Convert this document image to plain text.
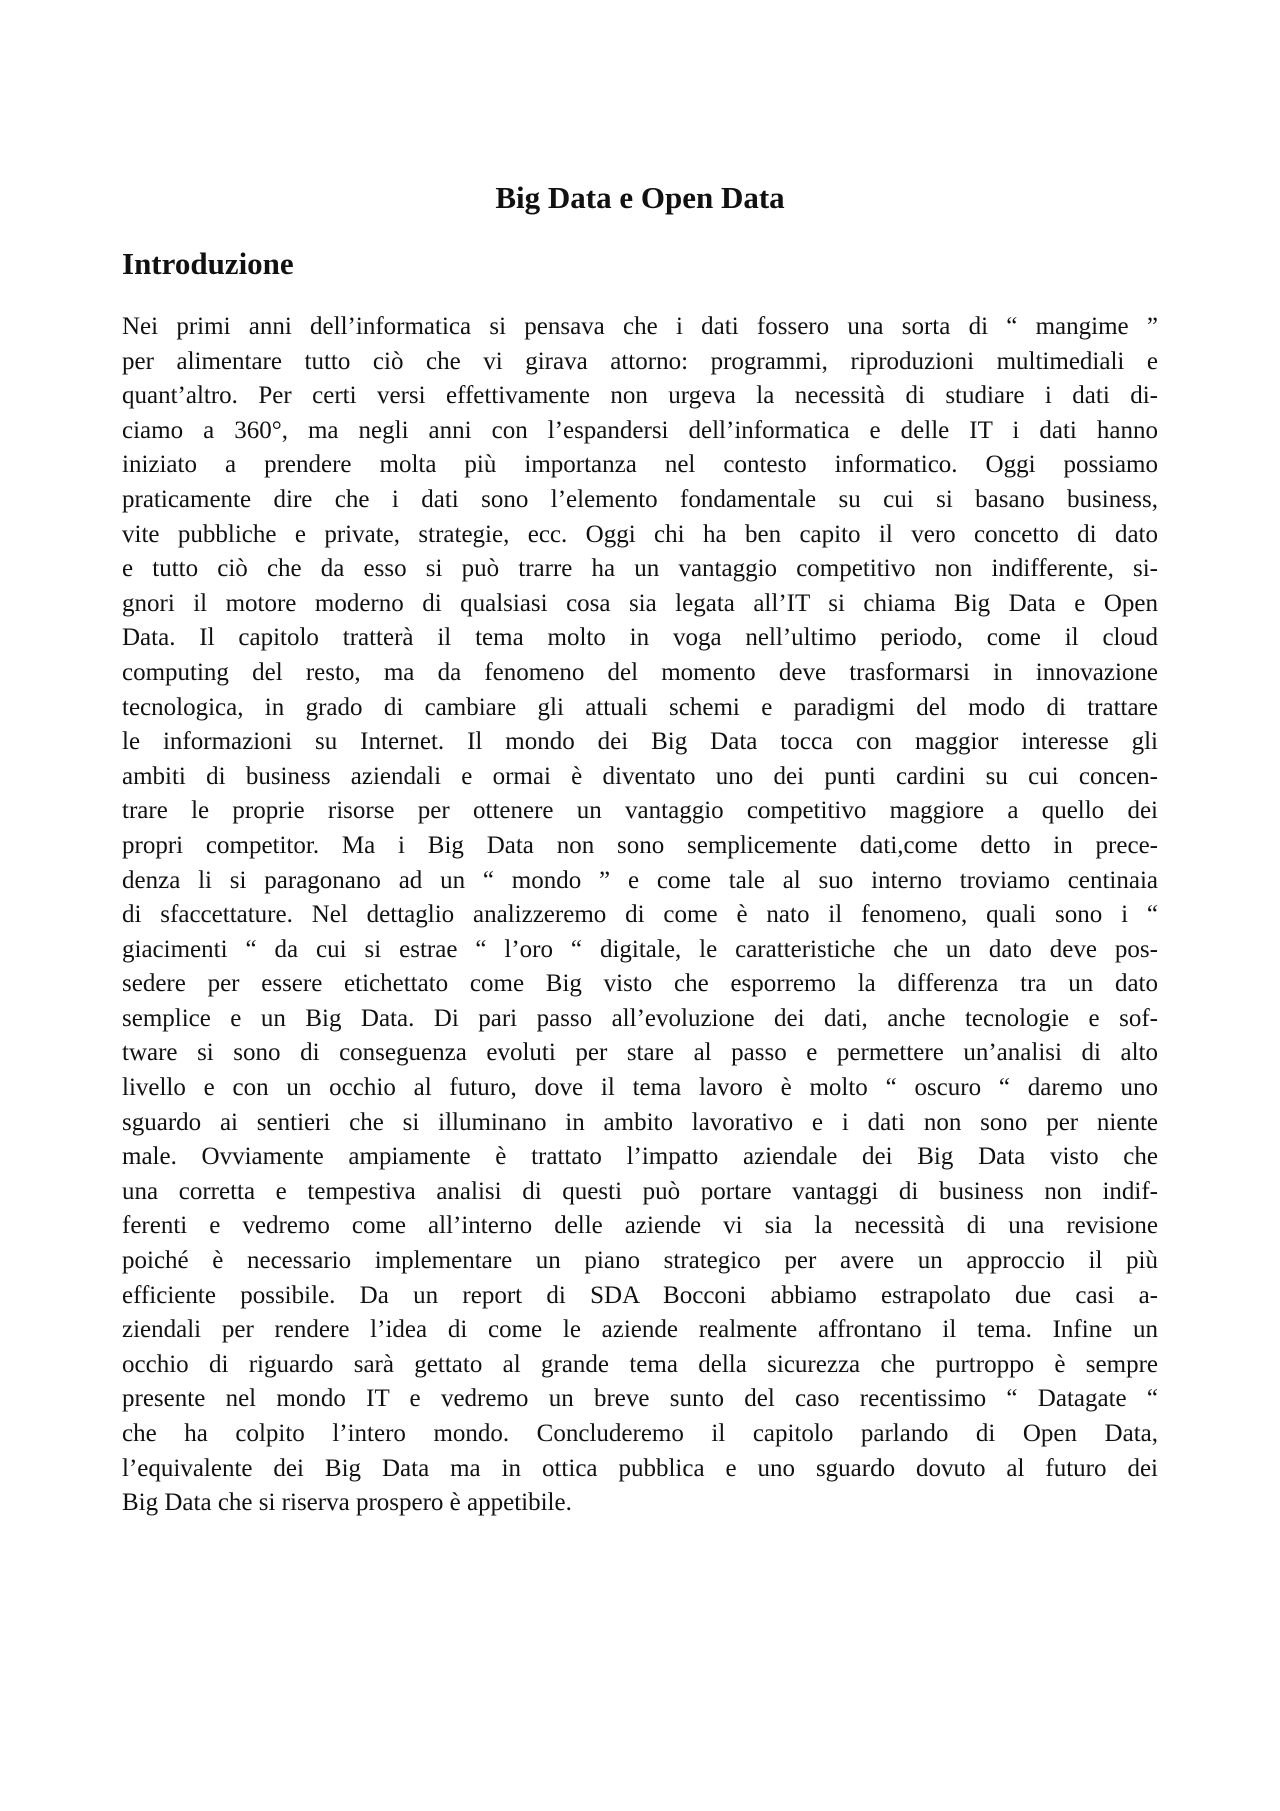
Big Data e Open Data
Introduzione
Nei primi anni dell’informatica si pensava che i dati fossero una sorta di “ mangime ”
per alimentare tutto ciò che vi girava attorno: programmi, riproduzioni multimediali e
quant’altro. Per certi versi effettivamente non urgeva la necessità di studiare i dati di-
ciamo a 360°, ma negli anni con l’espandersi dell’informatica e delle IT i dati hanno
iniziato a prendere molta più importanza nel contesto informatico. Oggi possiamo
praticamente dire che i dati sono l’elemento fondamentale su cui si basano business,
vite pubbliche e private, strategie, ecc. Oggi chi ha ben capito il vero concetto di dato
e tutto ciò che da esso si può trarre ha un vantaggio competitivo non indifferente, si-
gnori il motore moderno di qualsiasi cosa sia legata all’IT si chiama Big Data e Open
Data. Il capitolo tratterà il tema molto in voga nell’ultimo periodo, come il cloud
computing del resto, ma da fenomeno del momento deve trasformarsi in innovazione
tecnologica, in grado di cambiare gli attuali schemi e paradigmi del modo di trattare
le informazioni su Internet. Il mondo dei Big Data tocca con maggior interesse gli
ambiti di business aziendali e ormai è diventato uno dei punti cardini su cui concen-
trare le proprie risorse per ottenere un vantaggio competitivo maggiore a quello dei
propri competitor. Ma i Big Data non sono semplicemente dati,come detto in prece-
denza li si paragonano ad un “ mondo ” e come tale al suo interno troviamo centinaia
di sfaccettature. Nel dettaglio analizzeremo di come è nato il fenomeno, quali sono i “
giacimenti “ da cui si estrae “ l’oro “ digitale, le caratteristiche che un dato deve pos-
sedere per essere etichettato come Big visto che esporremo la differenza tra un dato
semplice e un Big Data. Di pari passo all’evoluzione dei dati, anche tecnologie e sof-
tware si sono di conseguenza evoluti per stare al passo e permettere un’analisi di alto
livello e con un occhio al futuro, dove il tema lavoro è molto “ oscuro “ daremo uno
sguardo ai sentieri che si illuminano in ambito lavorativo e i dati non sono per niente
male. Ovviamente ampiamente è trattato l’impatto aziendale dei Big Data visto che
una corretta e tempestiva analisi di questi può portare vantaggi di business non indif-
ferenti e vedremo come all’interno delle aziende vi sia la necessità di una revisione
poiché è necessario implementare un piano strategico per avere un approccio il più
efficiente possibile. Da un report di SDA Bocconi abbiamo estrapolato due casi a-
ziendali per rendere l’idea di come le aziende realmente affrontano il tema. Infine un
occhio di riguardo sarà gettato al grande tema della sicurezza che purtroppo è sempre
presente nel mondo IT e vedremo un breve sunto del caso recentissimo “ Datagate “
che ha colpito l’intero mondo. Concluderemo il capitolo parlando di Open Data,
l’equivalente dei Big Data ma in ottica pubblica e uno sguardo dovuto al futuro dei
Big Data che si riserva prospero è appetibile.
